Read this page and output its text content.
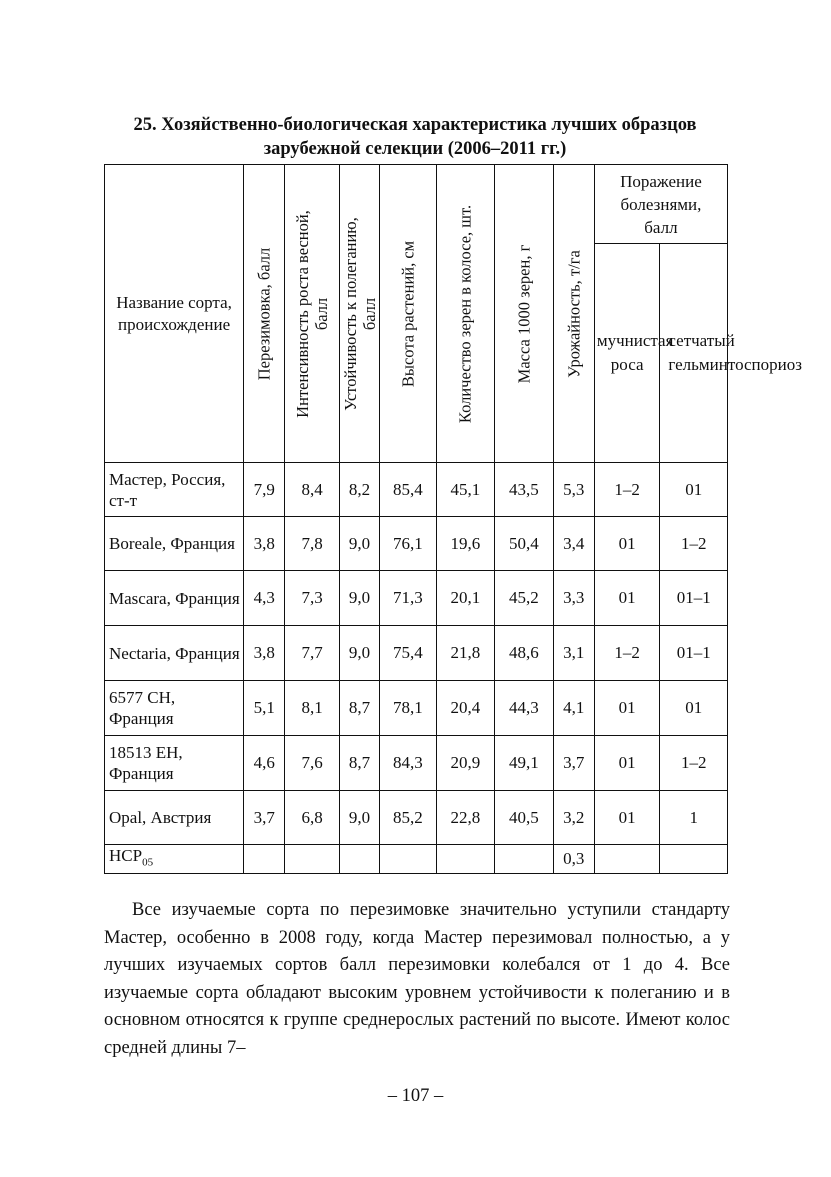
25. Хозяйственно-биологическая характеристика лучших образцов
зарубежной селекции (2006–2011 гг.)
Название сорта, происхождение	Перезимовка, балл	Интенсивность роста весной,
балл	Устойчивость к полеганию,
балл	Высота растений, см	Количество зерен в колосе, шт.	Масса 1000 зерен, г	Урожайность, т/га	Поражение болезнями, балл	

								мучнистая роса	сетчатый гельминтоспориоз

Мастер, Россия, ст-т	7,9	8,4	8,2	85,4	45,1	43,5	5,3	1–2	01
Boreale, Франция	3,8	7,8	9,0	76,1	19,6	50,4	3,4	01	1–2
Mascara, Франция	4,3	7,3	9,0	71,3	20,1	45,2	3,3	01	01–1
Nectaria, Франция	3,8	7,7	9,0	75,4	21,8	48,6	3,1	1–2	01–1
6577 CH, Франция	5,1	8,1	8,7	78,1	20,4	44,3	4,1	01	01
18513 EH, Франция	4,6	7,6	8,7	84,3	20,9	49,1	3,7	01	1–2
Opal, Австрия	3,7	6,8	9,0	85,2	22,8	40,5	3,2	01	1
$НСР_{05}$							0,3		
Все изучаемые сорта по перезимовке значительно уступили стандарту Мастер, особенно в 2008 году, когда Мастер перезимовал полностью, а у лучших изучаемых сортов балл перезимовки колебался от 1 до 4. Все изучаемые сорта обладают высоким уровнем устойчивости к полеганию и в основном относятся к группе среднерослых растений по высоте. Имеют колос средней длины 7–
– 107 –
